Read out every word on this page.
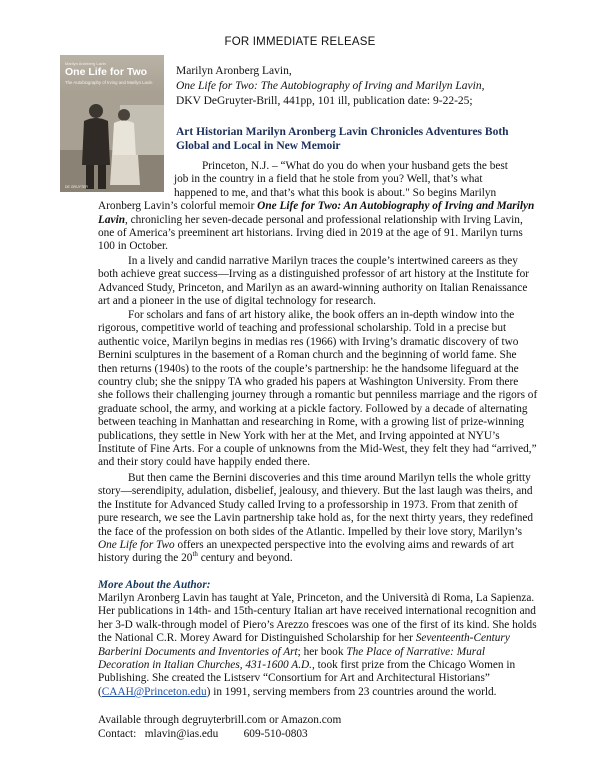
FOR IMMEDIATE RELEASE
Marilyn Aronberg Lavin
One Life for Two
The Autobiography of Irving and Marilyn Lavin
DE GRUYTER
Marilyn Aronberg Lavin,
One Life for Two: The Autobiography of Irving and Marilyn Lavin,
DKV DeGruyter-Brill, 441pp, 101 ill, publication date: 9-22-25;
Art Historian Marilyn Aronberg Lavin Chronicles Adventures Both
Global and Local in New Memoir
Princeton, N.J. – “What do you do when your husband gets the best
job in the country in a field that he stole from you? Well, that’s what
happened to me, and that’s what this book is about." So begins Marilyn
Aronberg Lavin’s colorful memoir One Life for Two: An Autobiography of Irving and Marilyn
Lavin, chronicling her seven-decade personal and professional relationship with Irving Lavin,
one of America’s preeminent art historians. Irving died in 2019 at the age of 91. Marilyn turns
100 in October.
In a lively and candid narrative Marilyn traces the couple’s intertwined careers as they
both achieve great success—Irving as a distinguished professor of art history at the Institute for
Advanced Study, Princeton, and Marilyn as an award-winning authority on Italian Renaissance
art and a pioneer in the use of digital technology for research.
For scholars and fans of art history alike, the book offers an in-depth window into the
rigorous, competitive world of teaching and professional scholarship. Told in a precise but
authentic voice, Marilyn begins in medias res (1966) with Irving’s dramatic discovery of two
Bernini sculptures in the basement of a Roman church and the beginning of world fame. She
then returns (1940s) to the roots of the couple’s partnership: he the handsome lifeguard at the
country club; she the snippy TA who graded his papers at Washington University. From there
she follows their challenging journey through a romantic but penniless marriage and the rigors of
graduate school, the army, and working at a pickle factory. Followed by a decade of alternating
between teaching in Manhattan and researching in Rome, with a growing list of prize-winning
publications, they settle in New York with her at the Met, and Irving appointed at NYU’s
Institute of Fine Arts. For a couple of unknowns from the Mid-West, they felt they had “arrived,”
and their story could have happily ended there.
But then came the Bernini discoveries and this time around Marilyn tells the whole gritty
story—serendipity, adulation, disbelief, jealousy, and thievery. But the last laugh was theirs, and
the Institute for Advanced Study called Irving to a professorship in 1973. From that zenith of
pure research, we see the Lavin partnership take hold as, for the next thirty years, they redefined
the face of the profession on both sides of the Atlantic. Impelled by their love story, Marilyn’s
One Life for Two offers an unexpected perspective into the evolving aims and rewards of art
history during the 20th century and beyond.
More About the Author:
Marilyn Aronberg Lavin has taught at Yale, Princeton, and the Università di Roma, La Sapienza.
Her publications in 14th- and 15th-century Italian art have received international recognition and
her 3-D walk-through model of Piero’s Arezzo frescoes was one of the first of its kind. She holds
the National C.R. Morey Award for Distinguished Scholarship for her Seventeenth-Century
Barberini Documents and Inventories of Art; her book The Place of Narrative: Mural
Decoration in Italian Churches, 431-1600 A.D., took first prize from the Chicago Women in
Publishing. She created the Listserv “Consortium for Art and Architectural Historians”
(CAAH@Princeton.edu) in 1991, serving members from 23 countries around the world.
Available through degruyterbrill.com or Amazon.com
Contact: mlavin@ias.edu 609-510-0803
